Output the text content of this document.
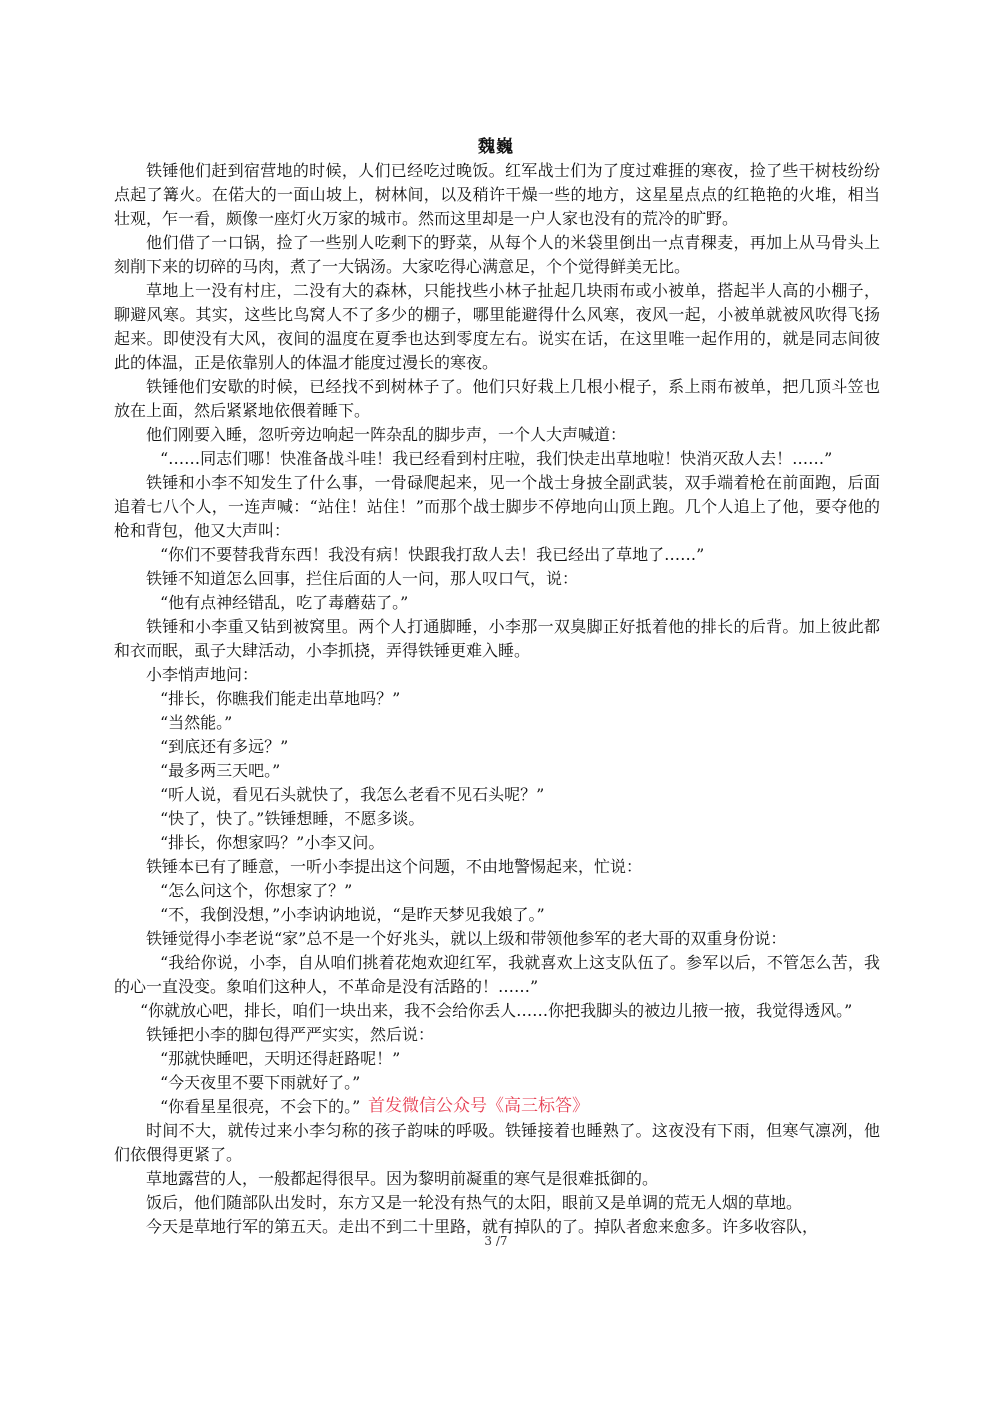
魏巍

铁锤他们赶到宿营地的时候，人们已经吃过晚饭。红军战士们为了度过难捱的寒夜，捡了些干树枝纷纷点起了篝火。在偌大的一面山坡上，树林间，以及稍许干燥一些的地方，这星星点点的红艳艳的火堆，相当壮观，乍一看，颇像一座灯火万家的城市。然而这里却是一户人家也没有的荒冷的旷野。

他们借了一口锅，捡了一些别人吃剩下的野菜，从每个人的米袋里倒出一点青稞麦，再加上从马骨头上刻削下来的切碎的马肉，煮了一大锅汤。大家吃得心满意足，个个觉得鲜美无比。

草地上一没有村庄，二没有大的森林，只能找些小林子扯起几块雨布或小被单，搭起半人高的小棚子，聊避风寒。其实，这些比鸟窝人不了多少的棚子，哪里能避得什么风寒，夜风一起，小被单就被风吹得飞扬起来。即使没有大风，夜间的温度在夏季也达到零度左右。说实在话，在这里唯一起作用的，就是同志间彼此的体温，正是依靠别人的体温才能度过漫长的寒夜。

铁锤他们安歇的时候，已经找不到树林子了。他们只好栽上几根小棍子，系上雨布被单，把几顶斗笠也放在上面，然后紧紧地依偎着睡下。

他们刚要入睡，忽听旁边响起一阵杂乱的脚步声，一个人大声喊道：

“……同志们哪！快准备战斗哇！我已经看到村庄啦，我们快走出草地啦！快消灭敌人去！……”

铁锤和小李不知发生了什么事，一骨碌爬起来，见一个战士身披全副武装，双手端着枪在前面跑，后面追着七八个人，一连声喊：“站住！站住！”而那个战士脚步不停地向山顶上跑。几个人追上了他，要夺他的枪和背包，他又大声叫：

“你们不要替我背东西！我没有病！快跟我打敌人去！我已经出了草地了……”

铁锤不知道怎么回事，拦住后面的人一问，那人叹口气，说：

“他有点神经错乱，吃了毒蘑菇了。”

铁锤和小李重又钻到被窝里。两个人打通脚睡，小李那一双臭脚正好抵着他的排长的后背。加上彼此都和衣而眠，虱子大肆活动，小李抓挠，弄得铁锤更难入睡。

小李悄声地问：

“排长，你瞧我们能走出草地吗？”

“当然能。”

“到底还有多远？”

“最多两三天吧。”

“听人说，看见石头就快了，我怎么老看不见石头呢？”

“快了，快了。”铁锤想睡，不愿多谈。

“排长，你想家吗？”小李又问。

铁锤本已有了睡意，一听小李提出这个问题，不由地警惕起来，忙说：

“怎么问这个，你想家了？”

“不，我倒没想，”小李讷讷地说，“是昨天梦见我娘了。”

铁锤觉得小李老说“家”总不是一个好兆头，就以上级和带领他参军的老大哥的双重身份说：

“我给你说，小李，自从咱们挑着花炮欢迎红军，我就喜欢上这支队伍了。参军以后，不管怎么苦，我的心一直没变。象咱们这种人，不革命是没有活路的！……”

“你就放心吧，排长，咱们一块出来，我不会给你丢人……你把我脚头的被边儿掖一掖，我觉得透风。”

铁锤把小李的脚包得严严实实，然后说：

“那就快睡吧，天明还得赶路呢！”

“今天夜里不要下雨就好了。”

“你看星星很亮，不会下的。” 首发微信公众号《高三标答》

时间不大，就传过来小李匀称的孩子韵味的呼吸。铁锤接着也睡熟了。这夜没有下雨，但寒气凛冽，他们依偎得更紧了。

草地露营的人，一般都起得很早。因为黎明前凝重的寒气是很难抵御的。

饭后，他们随部队出发时，东方又是一轮没有热气的太阳，眼前又是单调的荒无人烟的草地。

今天是草地行军的第五天。走出不到二十里路，就有掉队的了。掉队者愈来愈多。许多收容队，

3 /7
